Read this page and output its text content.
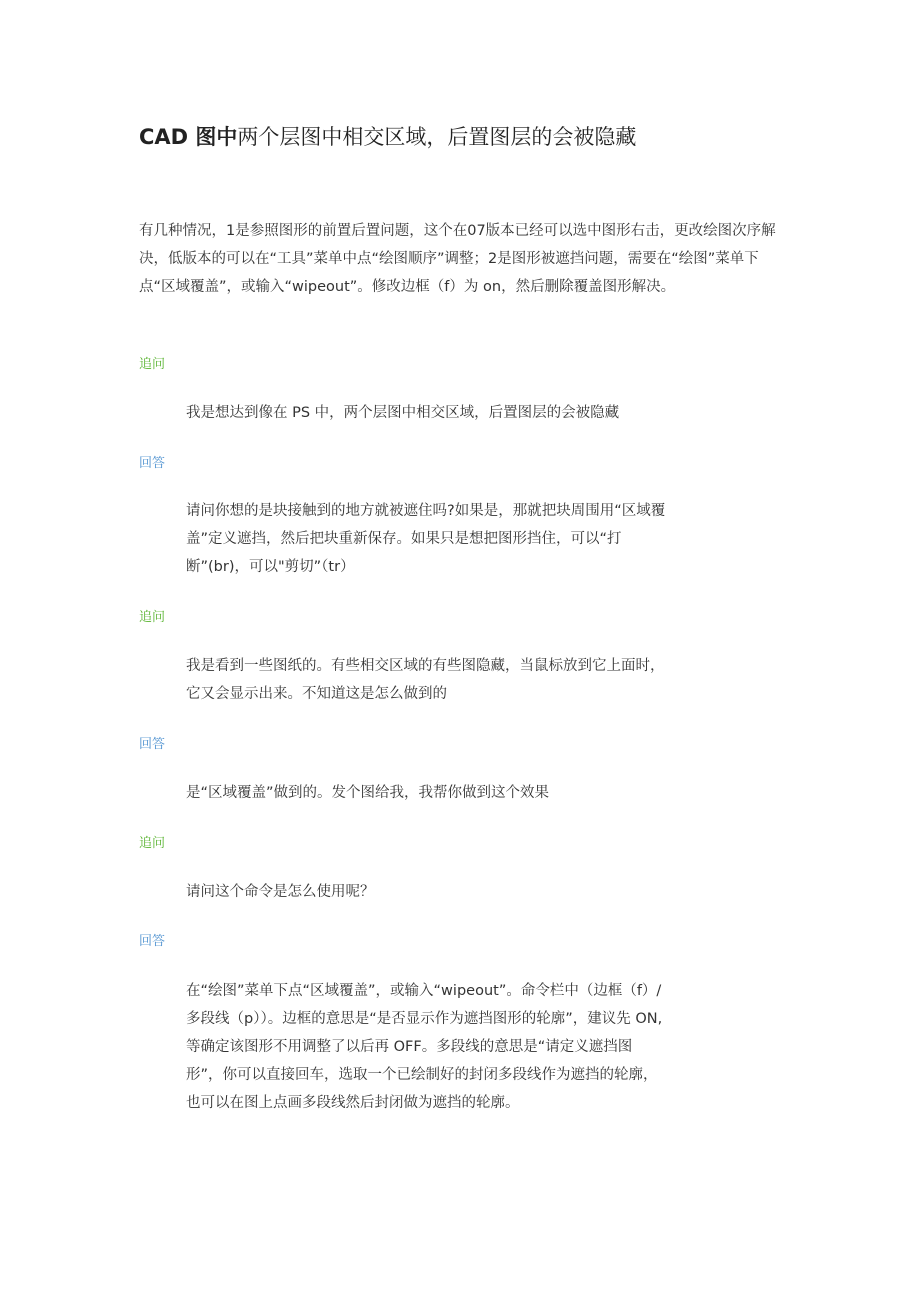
CAD 图中两个层图中相交区域，后置图层的会被隐藏

有几种情况，1是参照图形的前置后置问题，这个在07版本已经可以选中图形右击，更改绘图次序解决，低版本的可以在“工具”菜单中点“绘图顺序”调整；2是图形被遮挡问题，需要在“绘图”菜单下点“区域覆盖”，或输入“wipeout”。修改边框（f）为 on，然后删除覆盖图形解决。

追问

我是想达到像在 PS 中，两个层图中相交区域，后置图层的会被隐藏

回答

请问你想的是块接触到的地方就被遮住吗?如果是，那就把块周围用“区域覆盖”定义遮挡，然后把块重新保存。如果只是想把图形挡住，可以“打断”(br)，可以"剪切”（tr）

追问

我是看到一些图纸的。有些相交区域的有些图隐藏，当鼠标放到它上面时，它又会显示出来。不知道这是怎么做到的

回答

是“区域覆盖”做到的。发个图给我，我帮你做到这个效果

追问

请问这个命令是怎么使用呢？

回答

在“绘图”菜单下点“区域覆盖”，或输入“wipeout”。命令栏中（边框（f）/多段线（p））。边框的意思是“是否显示作为遮挡图形的轮廓”，建议先 ON,等确定该图形不用调整了以后再 OFF。多段线的意思是“请定义遮挡图形”，你可以直接回车，选取一个已绘制好的封闭多段线作为遮挡的轮廓，也可以在图上点画多段线然后封闭做为遮挡的轮廓。
